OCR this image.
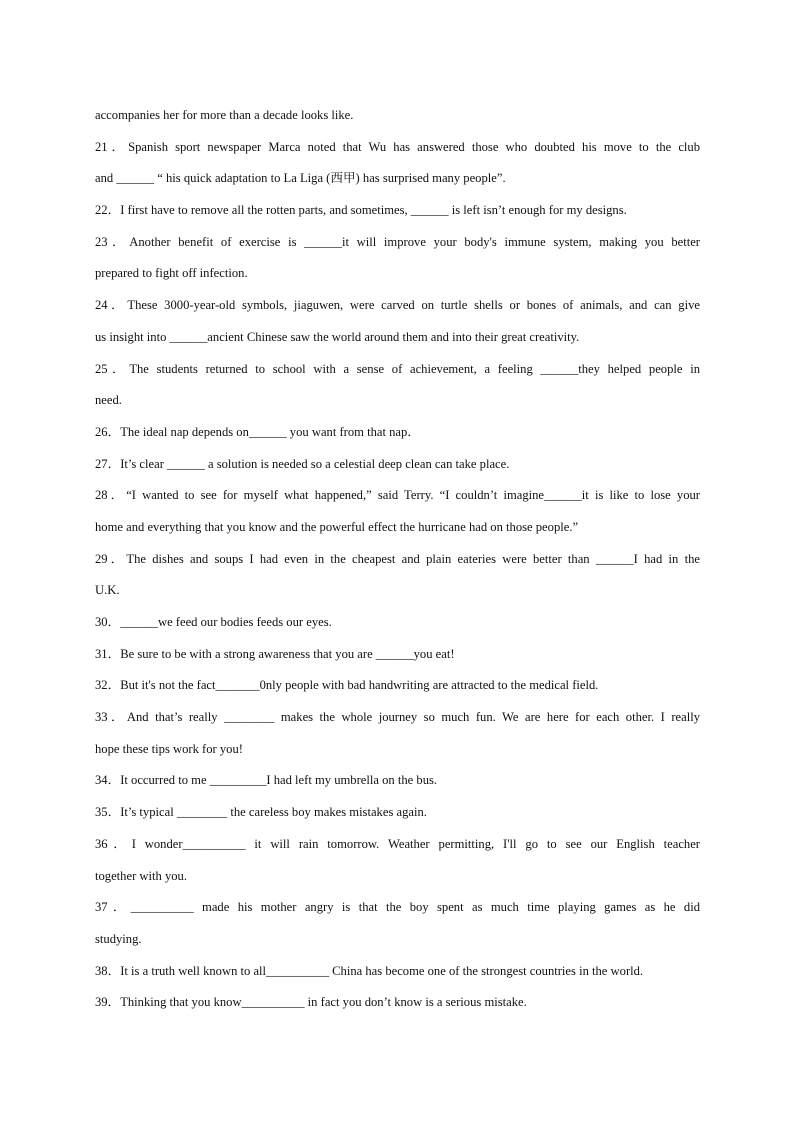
accompanies her for more than a decade looks like.
21．Spanish sport newspaper Marca noted that Wu has answered those who doubted his move to the club
and ______ “ his quick adaptation to La Liga (西甲) has surprised many people”.
22．I first have to remove all the rotten parts, and sometimes, ______ is left isn’t enough for my designs.
23．Another benefit of exercise is ______it will improve your body's immune system, making you better
prepared to fight off infection.
24．These 3000-year-old symbols, jiaguwen, were carved on turtle shells or bones of animals, and can give
us insight into ______ancient Chinese saw the world around them and into their great creativity.
25．The students returned to school with a sense of achievement, a feeling ______they helped people in
need.
26．The ideal nap depends on______ you want from that nap．
27．It’s clear ______ a solution is needed so a celestial deep clean can take place.
28．“I wanted to see for myself what happened,” said Terry. “I couldn’t imagine______it is like to lose your
home and everything that you know and the powerful effect the hurricane had on those people.”
29．The dishes and soups I had even in the cheapest and plain eateries were better than ______I had in the
U.K.
30．______we feed our bodies feeds our eyes.
31．Be sure to be with a strong awareness that you are ______you eat!
32．But it's not the fact_______0nly people with bad handwriting are attracted to the medical field.
33．And that’s really ________ makes the whole journey so much fun. We are here for each other. I really
hope these tips work for you!
34．It occurred to me _________I had left my umbrella on the bus.
35．It’s typical ________ the careless boy makes mistakes again.
36．I wonder__________ it will rain tomorrow. Weather permitting, I'll go to see our English teacher
together with you.
37．__________ made his mother angry is that the boy spent as much time playing games as he did
studying.
38．It is a truth well known to all__________ China has become one of the strongest countries in the world.
39．Thinking that you know__________ in fact you don’t know is a serious mistake.
